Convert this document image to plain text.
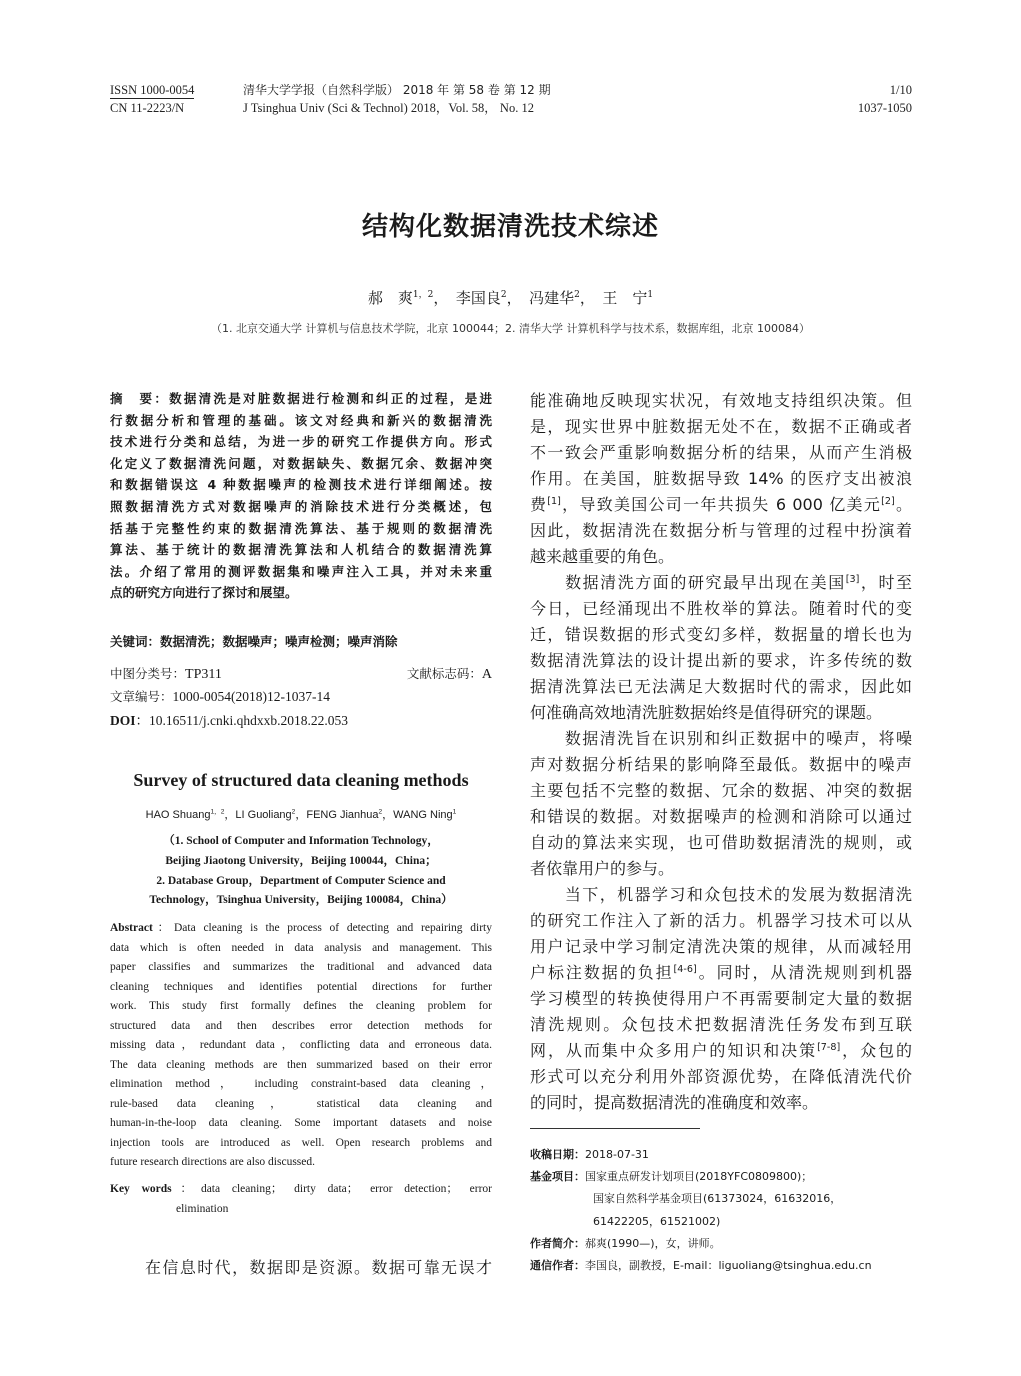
ISSN 1000-0054
CN 11-2223/N
清华大学学报（自然科学版） 2018 年 第 58 卷 第 12 期
J Tsinghua Univ (Sci & Technol) 2018，Vol. 58， No. 12
1/10
1037-1050
结构化数据清洗技术综述
郝　爽$^{1,2}$，　李国良$^2$，　冯建华$^2$，　王　宁$^1$
（1. 北京交通大学 计算机与信息技术学院，北京 100044；2. 清华大学 计算机科学与技术系，数据库组，北京 100084）
摘　要：数据清洗是对脏数据进行检测和纠正的过程，是进
行数据分析和管理的基础。该文对经典和新兴的数据清洗
技术进行分类和总结，为进一步的研究工作提供方向。形式
化定义了数据清洗问题，对数据缺失、数据冗余、数据冲突
和数据错误这 4 种数据噪声的检测技术进行详细阐述。按
照数据清洗方式对数据噪声的消除技术进行分类概述，包
括基于完整性约束的数据清洗算法、基于规则的数据清洗
算法、基于统计的数据清洗算法和人机结合的数据清洗算
法。介绍了常用的测评数据集和噪声注入工具，并对未来重
点的研究方向进行了探讨和展望。
关键词：数据清洗；数据噪声；噪声检测；噪声消除
中图分类号：TP311	文献标志码：A
文章编号：1000-0054(2018)12-1037-14
DOI：10.16511/j.cnki.qhdxxb.2018.22.053
Survey of structured data cleaning methods
HAO Shuang$^{1,2}$，LI Guoliang$^2$，FENG Jianhua$^2$，WANG Ning$^1$
（1. School of Computer and Information Technology，
Beijing Jiaotong University，Beijing 100044，China；
2. Database Group，Department of Computer Science and
Technology，Tsinghua University，Beijing 100084，China）
Abstract：Data cleaning is the process of detecting and repairing dirty
data which is often needed in data analysis and management. This
paper classifies and summarizes the traditional and advanced data
cleaning techniques and identifies potential directions for further
work. This study first formally defines the cleaning problem for
structured data and then describes error detection methods for
missing data，redundant data，conflicting data and erroneous data.
The data cleaning methods are then summarized based on their error
elimination method， including constraint-based data cleaning，
rule-based data cleaning， statistical data cleaning and
human-in-the-loop data cleaning. Some important datasets and noise
injection tools are introduced as well. Open research problems and
future research directions are also discussed.
Key words：data cleaning； dirty data； error detection； error
elimination
在信息时代，数据即是资源。数据可靠无误才
能准确地反映现实状况，有效地支持组织决策。但
是，现实世界中脏数据无处不在，数据不正确或者
不一致会严重影响数据分析的结果，从而产生消极
作用。在美国，脏数据导致 14% 的医疗支出被浪
费[1]，导致美国公司一年共损失 6 000 亿美元[2]。
因此，数据清洗在数据分析与管理的过程中扮演着
越来越重要的角色。
　　数据清洗方面的研究最早出现在美国[3]，时至
今日，已经涌现出不胜枚举的算法。随着时代的变
迁，错误数据的形式变幻多样，数据量的增长也为
数据清洗算法的设计提出新的要求，许多传统的数
据清洗算法已无法满足大数据时代的需求，因此如
何准确高效地清洗脏数据始终是值得研究的课题。
　　数据清洗旨在识别和纠正数据中的噪声，将噪
声对数据分析结果的影响降至最低。数据中的噪声
主要包括不完整的数据、冗余的数据、冲突的数据
和错误的数据。对数据噪声的检测和消除可以通过
自动的算法来实现，也可借助数据清洗的规则，或
者依靠用户的参与。
　　当下，机器学习和众包技术的发展为数据清洗
的研究工作注入了新的活力。机器学习技术可以从
用户记录中学习制定清洗决策的规律，从而减轻用
户标注数据的负担[4-6]。同时，从清洗规则到机器
学习模型的转换使得用户不再需要制定大量的数据
清洗规则。众包技术把数据清洗任务发布到互联
网，从而集中众多用户的知识和决策[7-8]，众包的
形式可以充分利用外部资源优势，在降低清洗代价
的同时，提高数据清洗的准确度和效率。
收稿日期：2018-07-31
基金项目：国家重点研发计划项目(2018YFC0809800)；
国家自然科学基金项目(61373024，61632016，
61422205，61521002)
作者简介：郝爽(1990—)，女，讲师。
通信作者：李国良，副教授，E-mail：liguoliang@tsinghua.edu.cn
